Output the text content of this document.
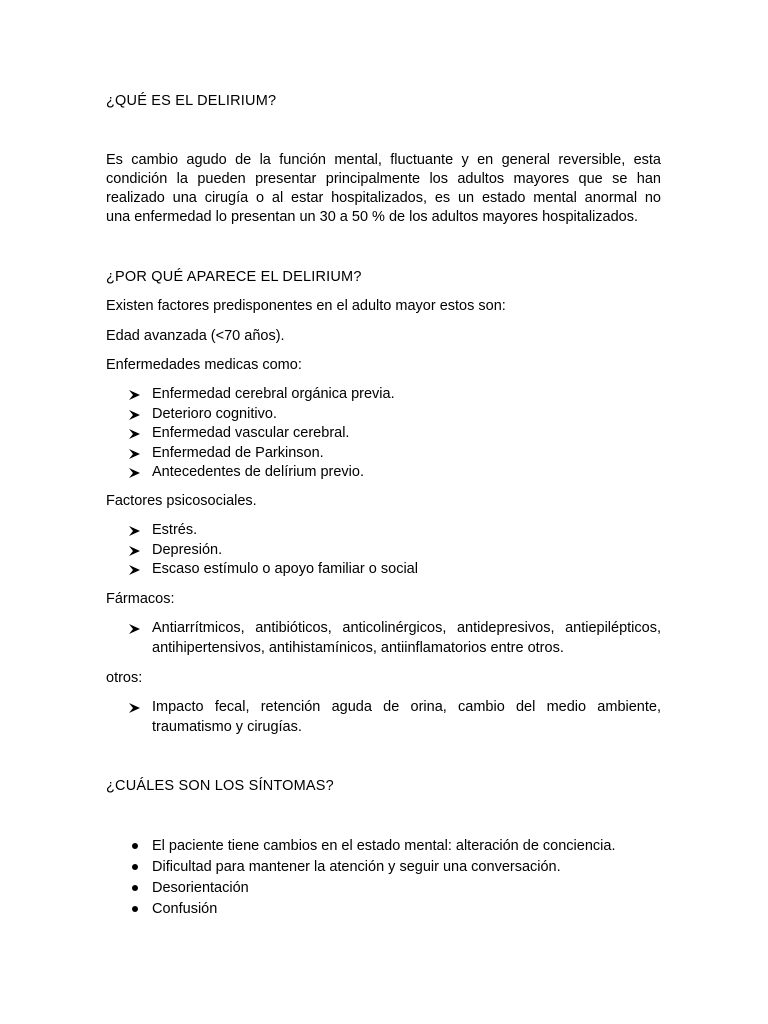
¿QUÉ ES EL DELIRIUM?

Es cambio agudo de la función mental, fluctuante y en general reversible, esta
condición la pueden presentar principalmente los adultos mayores que se han
realizado una cirugía o al estar hospitalizados, es un estado mental anormal no
una enfermedad lo presentan un 30 a 50 % de los adultos mayores hospitalizados.

¿POR QUÉ APARECE EL DELIRIUM?

Existen factores predisponentes en el adulto mayor estos son:

Edad avanzada (<70 años).

Enfermedades medicas como:

Enfermedad cerebral orgánica previa.
Deterioro cognitivo.
Enfermedad vascular cerebral.
Enfermedad de Parkinson.
Antecedentes de delírium previo.

Factores psicosociales.

Estrés.
Depresión.
Escaso estímulo o apoyo familiar o social

Fármacos:

Antiarrítmicos, antibióticos, anticolinérgicos, antidepresivos, antiepilépticos,
antihipertensivos, antihistamínicos, antiinflamatorios entre otros.

otros:

Impacto fecal, retención aguda de orina, cambio del medio ambiente,
traumatismo y cirugías.
¿CUÁLES SON LOS SÍNTOMAS?
El paciente tiene cambios en el estado mental: alteración de conciencia.
Dificultad para mantener la atención y seguir una conversación.
Desorientación
Confusión
